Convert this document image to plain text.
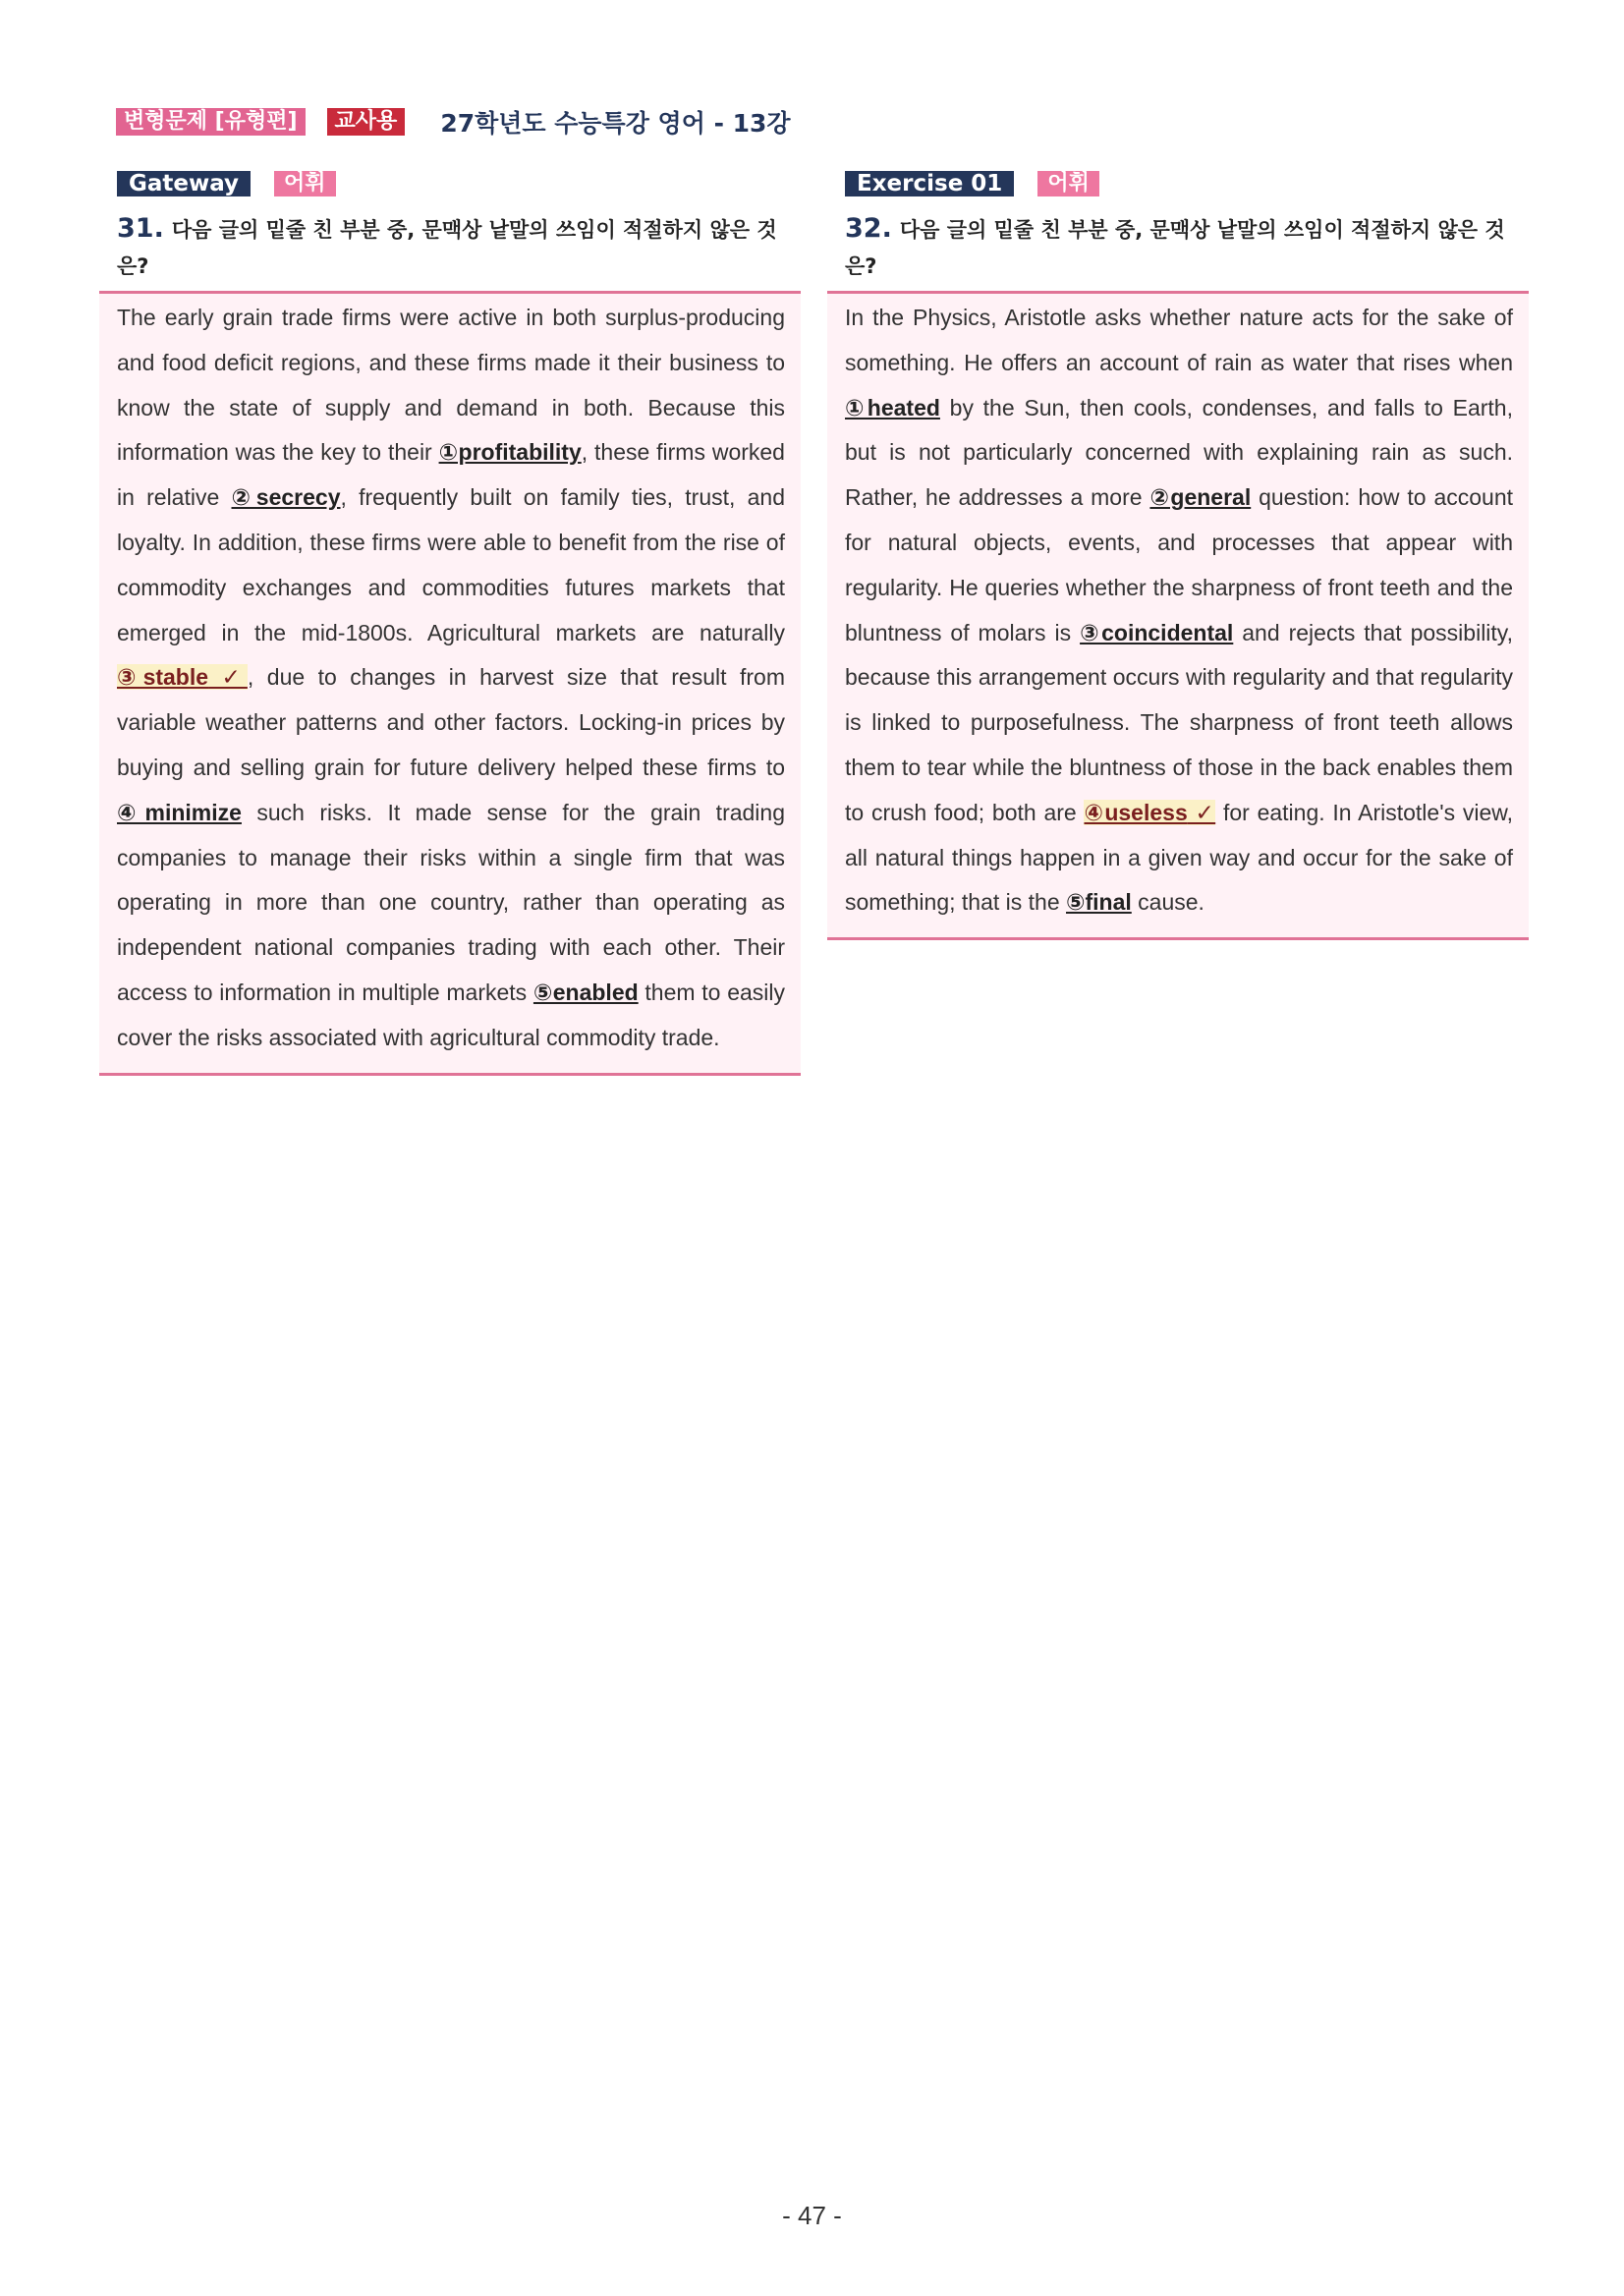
변형문제 [유형편]	교사용	27학년도 수능특강 영어 - 13강
Gateway	어휘
31. 다음 글의 밑줄 친 부분 중, 문맥상 낱말의 쓰임이 적절하지 않은 것은?
The early grain trade firms were active in both surplus-producing and food deficit regions, and these firms made it their business to know the state of supply and demand in both. Because this information was the key to their ①profitability, these firms worked in relative ②secrecy, frequently built on family ties, trust, and loyalty. In addition, these firms were able to benefit from the rise of commodity exchanges and commodities futures markets that emerged in the mid-1800s. Agricultural markets are naturally ③stable ✓, due to changes in harvest size that result from variable weather patterns and other factors. Locking-in prices by buying and selling grain for future delivery helped these firms to ④minimize such risks. It made sense for the grain trading companies to manage their risks within a single firm that was operating in more than one country, rather than operating as independent national companies trading with each other. Their access to information in multiple markets ⑤enabled them to easily cover the risks associated with agricultural commodity trade.
Exercise 01	어휘
32. 다음 글의 밑줄 친 부분 중, 문맥상 낱말의 쓰임이 적절하지 않은 것은?
In the Physics, Aristotle asks whether nature acts for the sake of something. He offers an account of rain as water that rises when ①heated by the Sun, then cools, condenses, and falls to Earth, but is not particularly concerned with explaining rain as such. Rather, he addresses a more ②general question: how to account for natural objects, events, and processes that appear with regularity. He queries whether the sharpness of front teeth and the bluntness of molars is ③coincidental and rejects that possibility, because this arrangement occurs with regularity and that regularity is linked to purposefulness. The sharpness of front teeth allows them to tear while the bluntness of those in the back enables them to crush food; both are ④useless ✓ for eating. In Aristotle's view, all natural things happen in a given way and occur for the sake of something; that is the ⑤final cause.
- 47 -
